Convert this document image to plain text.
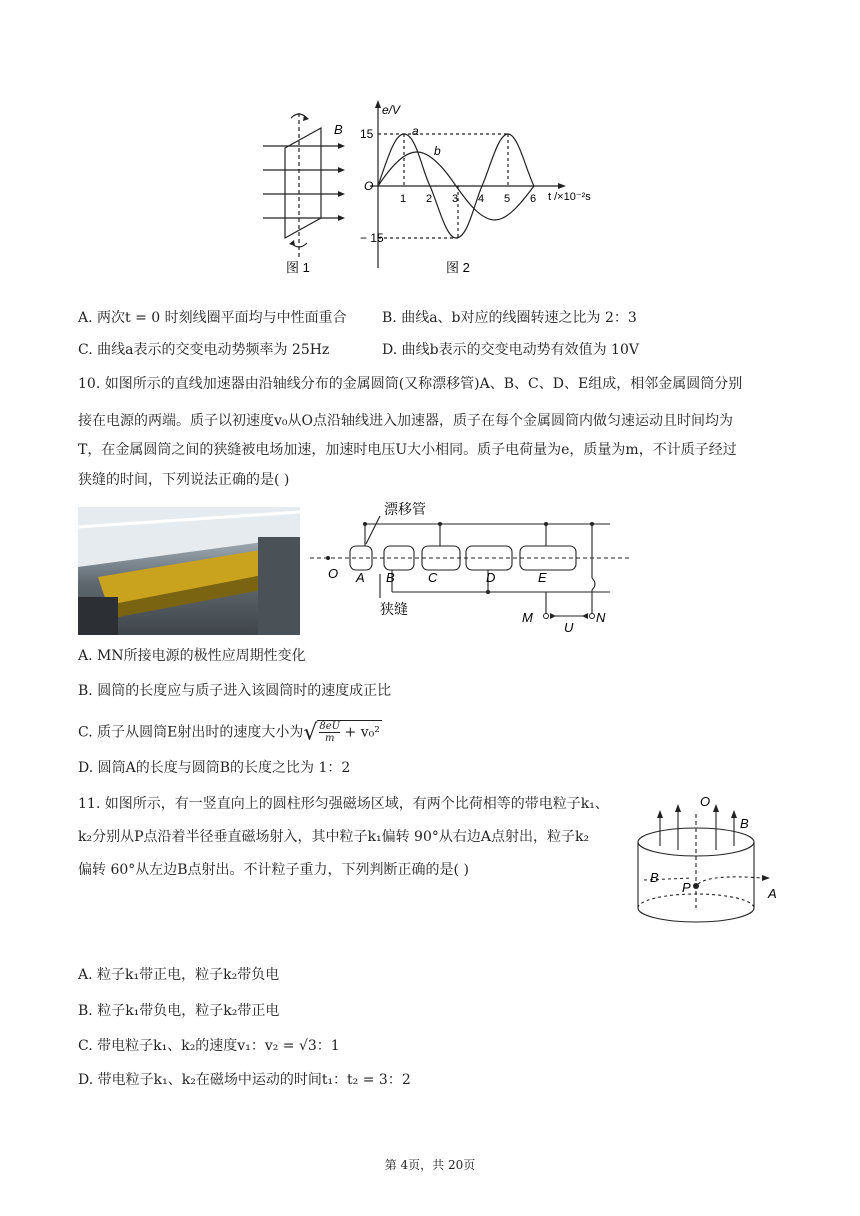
B
图 1
e/V
15
− 15
O
1 2 3 4 5 6 t /×10⁻²s
a
b
图 2
A. 两次t = 0 时刻线圈平面均与中性面重合	B. 曲线a、b对应的线圈转速之比为 2：3
C. 曲线a表示的交变电动势频率为 25Hz	D. 曲线b表示的交变电动势有效值为 10V
10. 如图所示的直线加速器由沿轴线分布的金属圆筒(又称漂移管)A、B、C、D、E组成，相邻金属圆筒分别
接在电源的两端。质子以初速度v₀从O点沿轴线进入加速器，质子在每个金属圆筒内做匀速运动且时间均为
T，在金属圆筒之间的狭缝被电场加速，加速时电压U大小相同。质子电荷量为e，质量为m，不计质子经过
狭缝的时间，下列说法正确的是( )
漂移管
狭缝
O A B	C	D	E
M	N
U
A. MN所接电源的极性应周期性变化
B. 圆筒的长度应与质子进入该圆筒时的速度成正比
C. 质子从圆筒E射出时的速度大小为√ $\frac{8eU}{m} + v_0^2$
D. 圆筒A的长度与圆筒B的长度之比为 1：2
11. 如图所示，有一竖直向上的圆柱形匀强磁场区域，有两个比荷相等的带电粒子k₁、
k₂分别从P点沿着半径垂直磁场射入，其中粒子k₁偏转 90°从右边A点射出，粒子k₂
偏转 60°从左边B点射出。不计粒子重力，下列判断正确的是( )
O
B
B
P	A
A. 粒子k₁带正电，粒子k₂带负电
B. 粒子k₁带负电，粒子k₂带正电
C. 带电粒子k₁、k₂的速度v₁：v₂ = √3：1
D. 带电粒子k₁、k₂在磁场中运动的时间t₁：t₂ = 3：2
第 4页，共 20页
